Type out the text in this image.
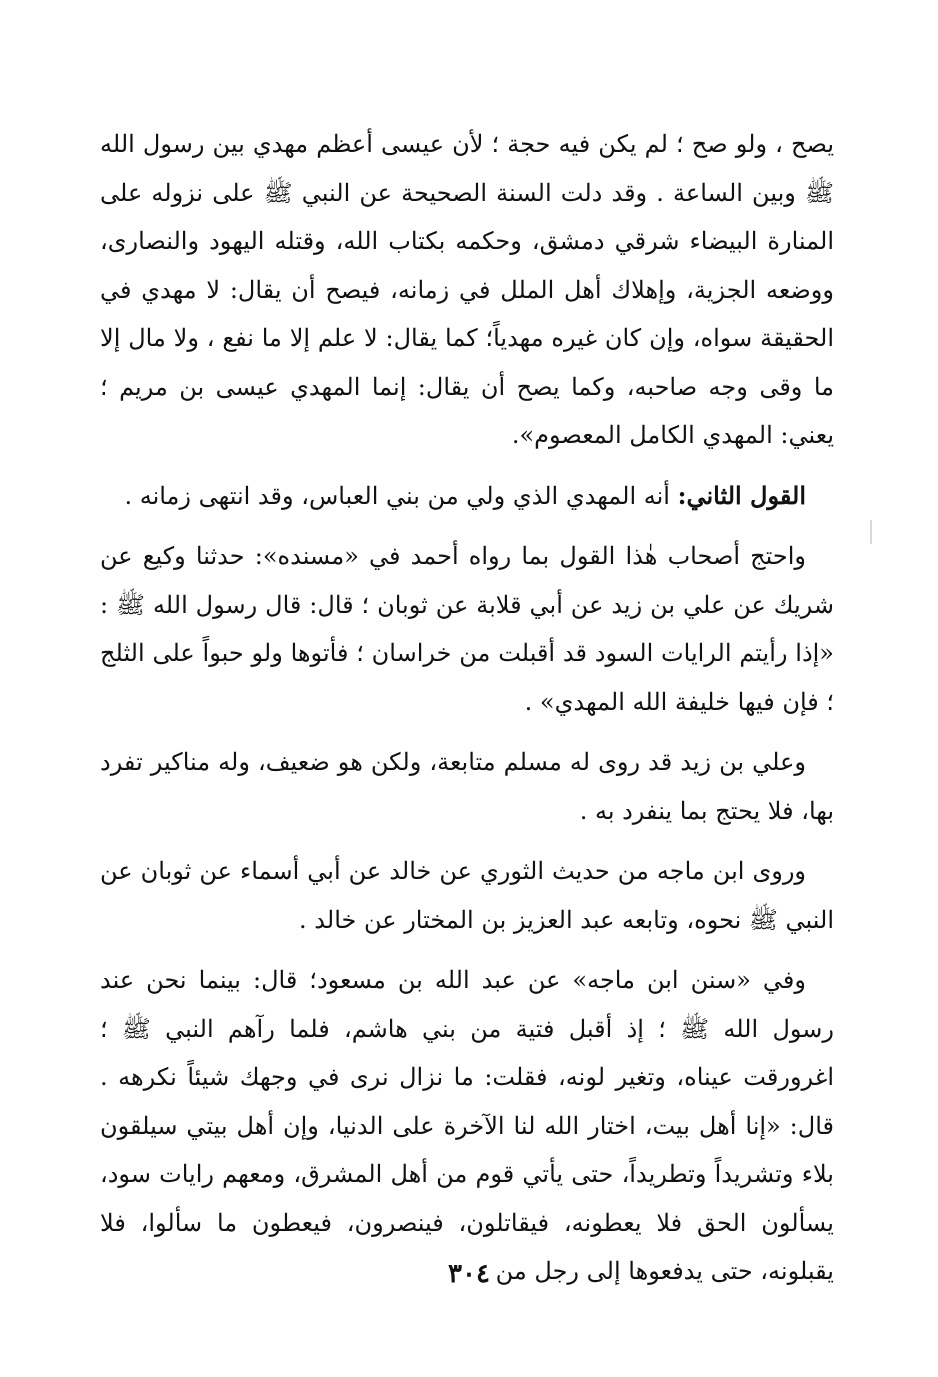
يصح ، ولو صح ؛ لم يكن فيه حجة ؛ لأن عيسى أعظم مهدي بين رسول الله ﷺ وبين الساعة . وقد دلت السنة الصحيحة عن النبي ﷺ على نزوله على المنارة البيضاء شرقي دمشق، وحكمه بكتاب الله، وقتله اليهود والنصارى، ووضعه الجزية، وإهلاك أهل الملل في زمانه، فيصح أن يقال: لا مهدي في الحقيقة سواه، وإن كان غيره مهدياً؛ كما يقال: لا علم إلا ما نفع ، ولا مال إلا ما وقى وجه صاحبه، وكما يصح أن يقال: إنما المهدي عيسى بن مريم ؛ يعني: المهدي الكامل المعصوم».

القول الثاني: أنه المهدي الذي ولي من بني العباس، وقد انتهى زمانه .

واحتج أصحاب هٰذا القول بما رواه أحمد في «مسنده»: حدثنا وكيع عن شريك عن علي بن زيد عن أبي قلابة عن ثوبان ؛ قال: قال رسول الله ﷺ : «إذا رأيتم الرايات السود قد أقبلت من خراسان ؛ فأتوها ولو حبواً على الثلج ؛ فإن فيها خليفة الله المهدي» .

وعلي بن زيد قد روى له مسلم متابعة، ولكن هو ضعيف، وله مناكير تفرد بها، فلا يحتج بما ينفرد به .

وروى ابن ماجه من حديث الثوري عن خالد عن أبي أسماء عن ثوبان عن النبي ﷺ نحوه، وتابعه عبد العزيز بن المختار عن خالد .

وفي «سنن ابن ماجه» عن عبد الله بن مسعود؛ قال: بينما نحن عند رسول الله ﷺ ؛ إذ أقبل فتية من بني هاشم، فلما رآهم النبي ﷺ ؛ اغرورقت عيناه، وتغير لونه، فقلت: ما نزال نرى في وجهك شيئاً نكرهه . قال: «إنا أهل بيت، اختار الله لنا الآخرة على الدنيا، وإن أهل بيتي سيلقون بلاء وتشريداً وتطريداً، حتى يأتي قوم من أهل المشرق، ومعهم رايات سود، يسألون الحق فلا يعطونه، فيقاتلون، فينصرون، فيعطون ما سألوا، فلا يقبلونه، حتى يدفعوها إلى رجل من

٣٠٤
